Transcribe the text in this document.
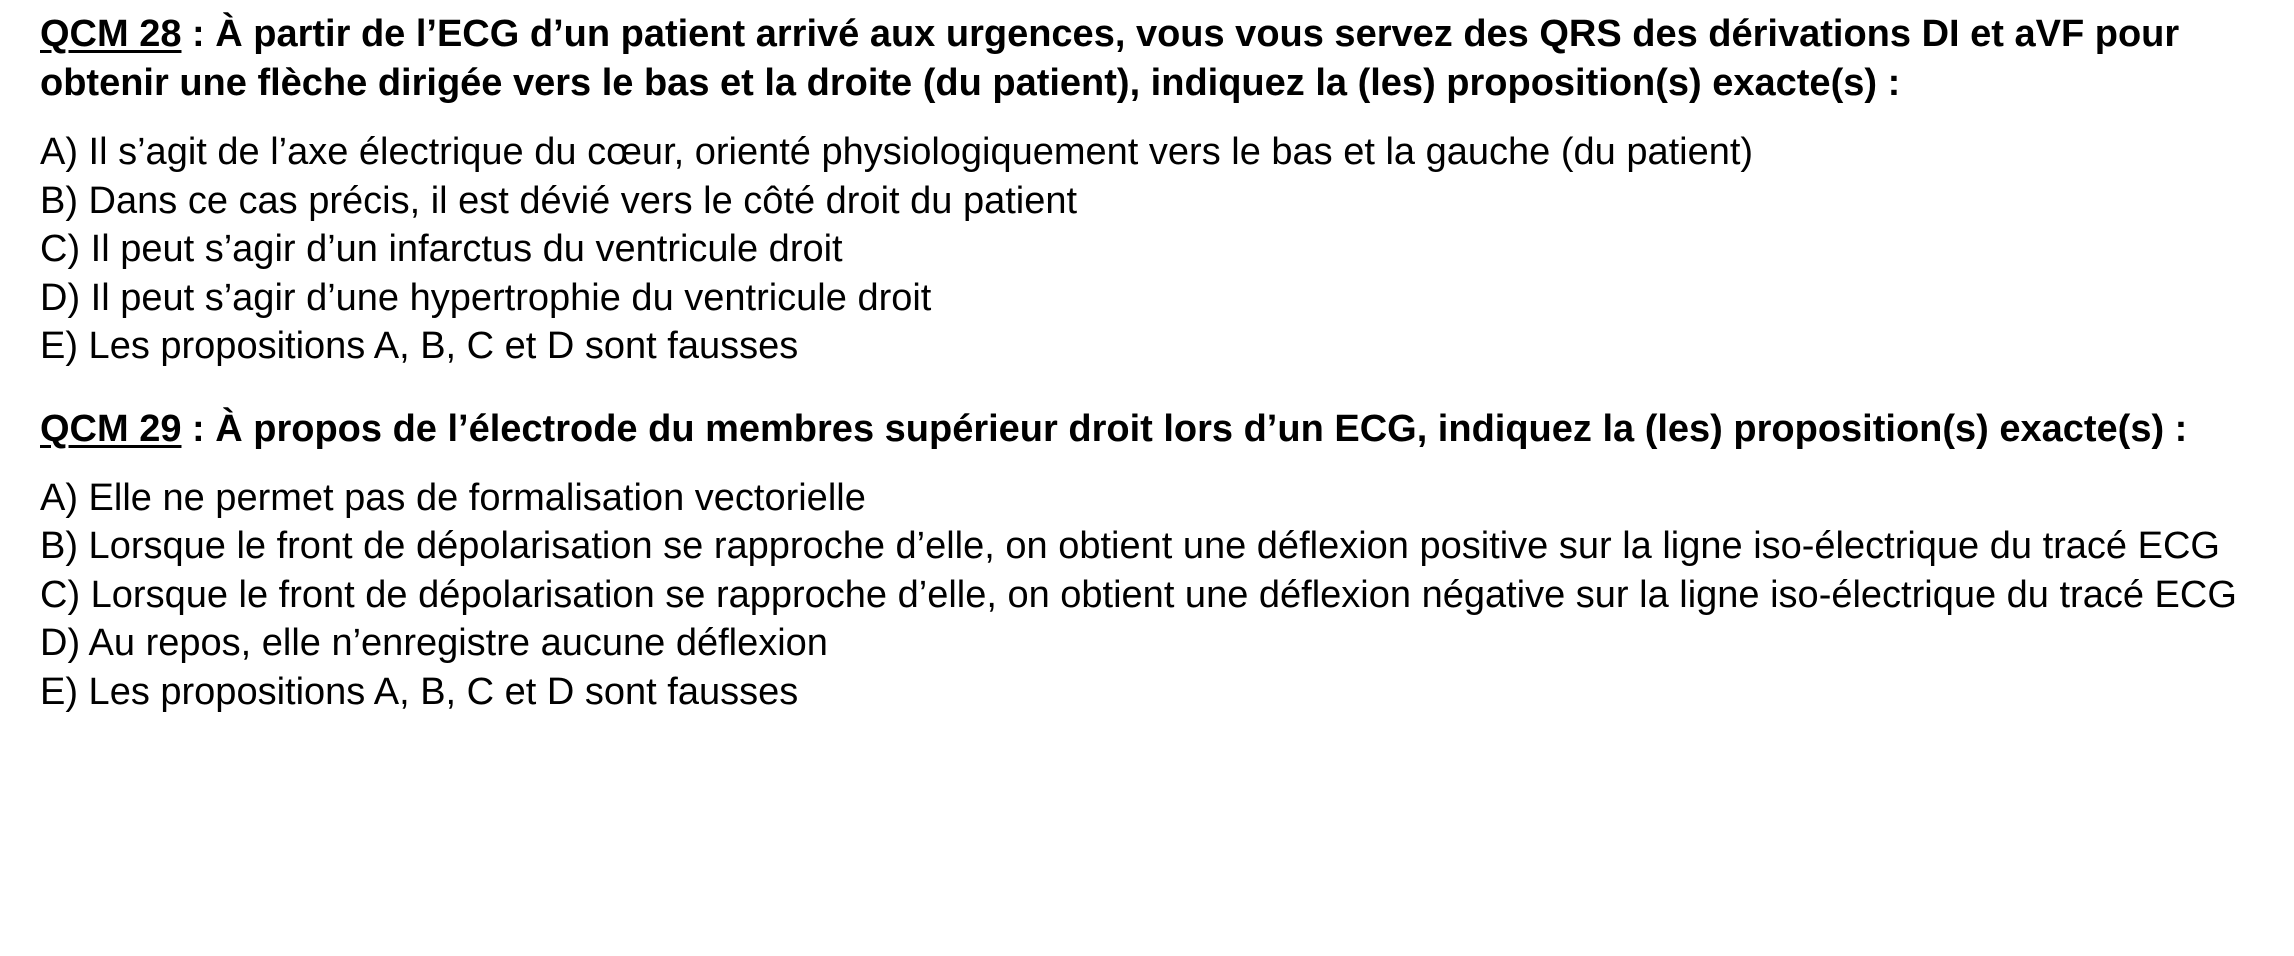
QCM 28 : À partir de l’ECG d’un patient arrivé aux urgences, vous vous servez des QRS des dérivations DI et aVF pour obtenir une flèche dirigée vers le bas et la droite (du patient), indiquez la (les) proposition(s) exacte(s) :

A) Il s’agit de l’axe électrique du cœur, orienté physiologiquement vers le bas et la gauche (du patient)
B) Dans ce cas précis, il est dévié vers le côté droit du patient
C) Il peut s’agir d’un infarctus du ventricule droit
D) Il peut s’agir d’une hypertrophie du ventricule droit
E) Les propositions A, B, C et D sont fausses

QCM 29 : À propos de l’électrode du membres supérieur droit lors d’un ECG, indiquez la (les) proposition(s) exacte(s) :

A) Elle ne permet pas de formalisation vectorielle
B) Lorsque le front de dépolarisation se rapproche d’elle, on obtient une déflexion positive sur la ligne iso-électrique du tracé ECG
C) Lorsque le front de dépolarisation se rapproche d’elle, on obtient une déflexion négative sur la ligne iso-électrique du tracé ECG
D) Au repos, elle n’enregistre aucune déflexion
E) Les propositions A, B, C et D sont fausses
